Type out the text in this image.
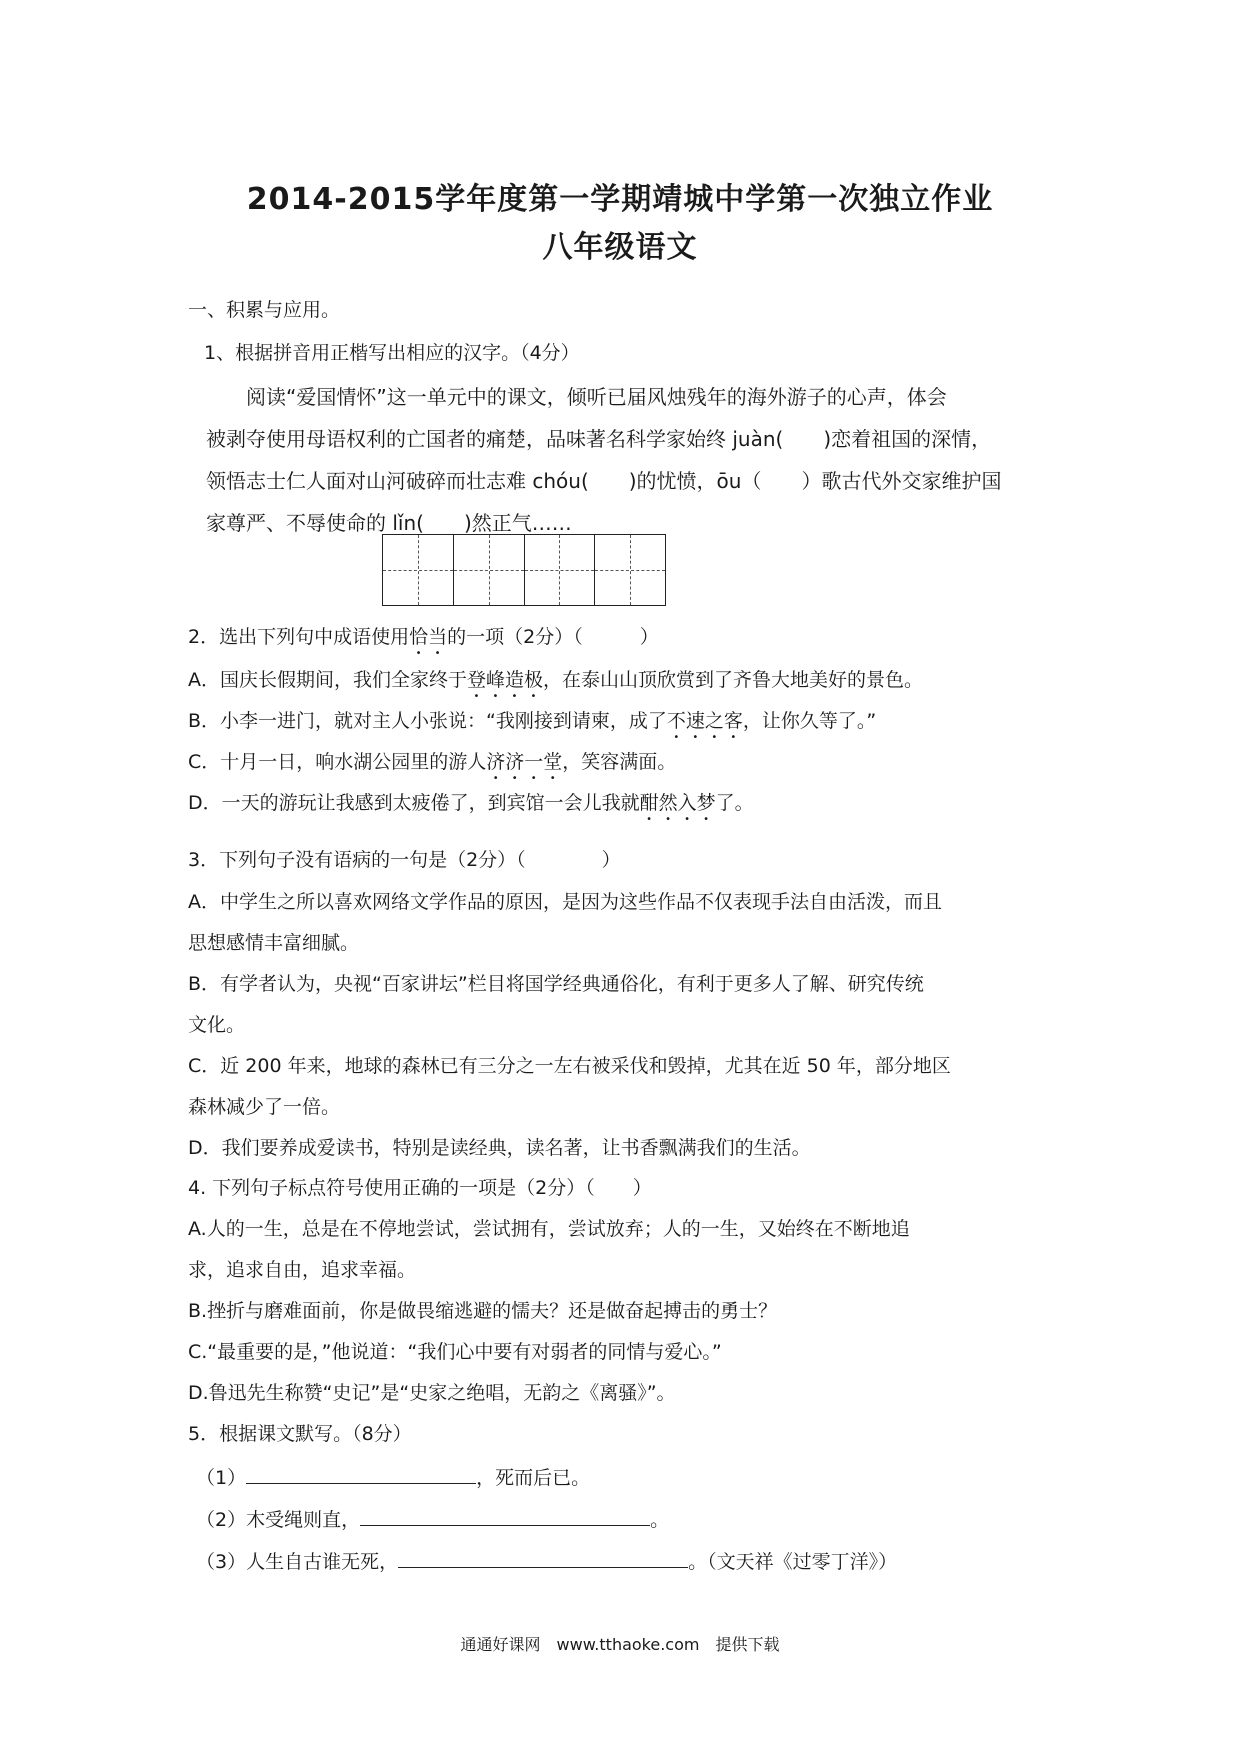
2014-2015学年度第一学期靖城中学第一次独立作业
八年级语文
一、积累与应用。
1、根据拼音用正楷写出相应的汉字。（4分）
　阅读“爱国情怀”这一单元中的课文，倾听已届风烛残年的海外游子的心声，体会
被剥夺使用母语权利的亡国者的痛楚，品味著名科学家始终 juàn(　　)恋着祖国的深情，
领悟志士仁人面对山河破碎而壮志难 chóu(　　)的忧愤，ōu（　　）歌古代外交家维护国
家尊严、不辱使命的 lǐn(　　)然正气……
2．选出下列句中成语使用恰当的一项（2分）（　　　）
A．国庆长假期间，我们全家终于登峰造极，在泰山山顶欣赏到了齐鲁大地美好的景色。
B．小李一进门，就对主人小张说：“我刚接到请柬，成了不速之客，让你久等了。”
C．十月一日，响水湖公园里的游人济济一堂，笑容满面。
D．一天的游玩让我感到太疲倦了，到宾馆一会儿我就酣然入梦了。
3．下列句子没有语病的一句是（2分）（　　　　）
A．中学生之所以喜欢网络文学作品的原因，是因为这些作品不仅表现手法自由活泼，而且
思想感情丰富细腻。
B．有学者认为，央视“百家讲坛”栏目将国学经典通俗化，有利于更多人了解、研究传统
文化。
C．近 200 年来，地球的森林已有三分之一左右被采伐和毁掉，尤其在近 50 年，部分地区
森林减少了一倍。
D．我们要养成爱读书，特别是读经典，读名著，让书香飘满我们的生活。
4. 下列句子标点符号使用正确的一项是（2分）（　　）
A.人的一生，总是在不停地尝试，尝试拥有，尝试放弃；人的一生，又始终在不断地追
求，追求自由，追求幸福。
B.挫折与磨难面前，你是做畏缩逃避的懦夫？还是做奋起搏击的勇士？
C.“最重要的是，”他说道：“我们心中要有对弱者的同情与爱心。”
D.鲁迅先生称赞“史记”是“史家之绝唱，无韵之《离骚》”。
5．根据课文默写。（8分）
（1）	，死而后已。
（2）木受绳则直，	。
（3）人生自古谁无死，	。（文天祥《过零丁洋》）
通通好课网　www.tthaoke.com　提供下载
